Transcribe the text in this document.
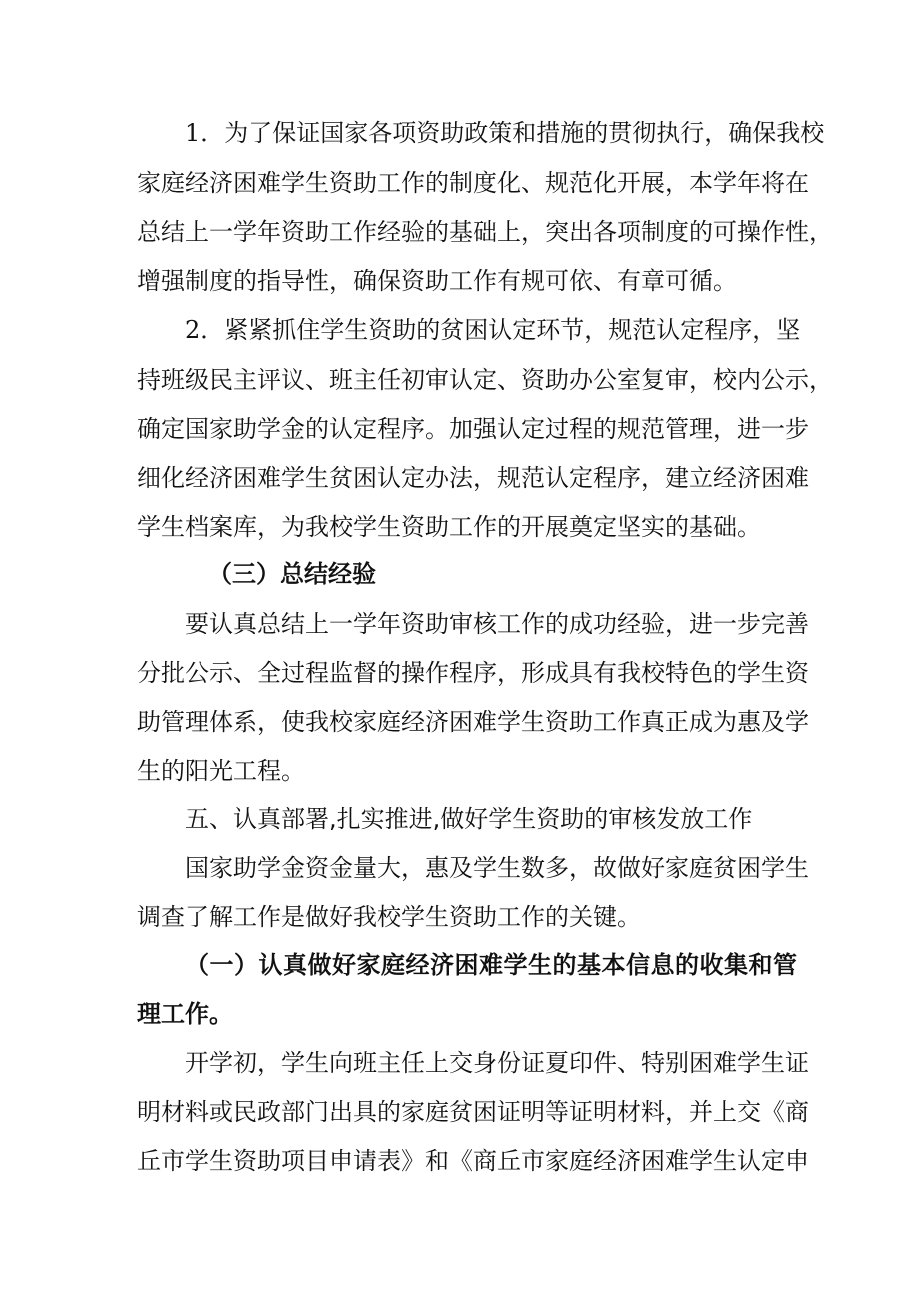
1．为了保证国家各项资助政策和措施的贯彻执行，确保我校
家庭经济困难学生资助工作的制度化、规范化开展，本学年将在
总结上一学年资助工作经验的基础上，突出各项制度的可操作性，
增强制度的指导性，确保资助工作有规可依、有章可循。
2．紧紧抓住学生资助的贫困认定环节，规范认定程序，坚
持班级民主评议、班主任初审认定、资助办公室复审，校内公示，
确定国家助学金的认定程序。加强认定过程的规范管理，进一步
细化经济困难学生贫困认定办法，规范认定程序，建立经济困难
学生档案库，为我校学生资助工作的开展奠定坚实的基础。
（三）总结经验
要认真总结上一学年资助审核工作的成功经验，进一步完善
分批公示、全过程监督的操作程序，形成具有我校特色的学生资
助管理体系，使我校家庭经济困难学生资助工作真正成为惠及学
生的阳光工程。
五、认真部署,扎实推进,做好学生资助的审核发放工作
国家助学金资金量大，惠及学生数多，故做好家庭贫困学生
调查了解工作是做好我校学生资助工作的关键。
（一）认真做好家庭经济困难学生的基本信息的收集和管
理工作。
开学初，学生向班主任上交身份证夏印件、特别困难学生证
明材料或民政部门出具的家庭贫困证明等证明材料，并上交《商
丘市学生资助项目申请表》和《商丘市家庭经济困难学生认定申
